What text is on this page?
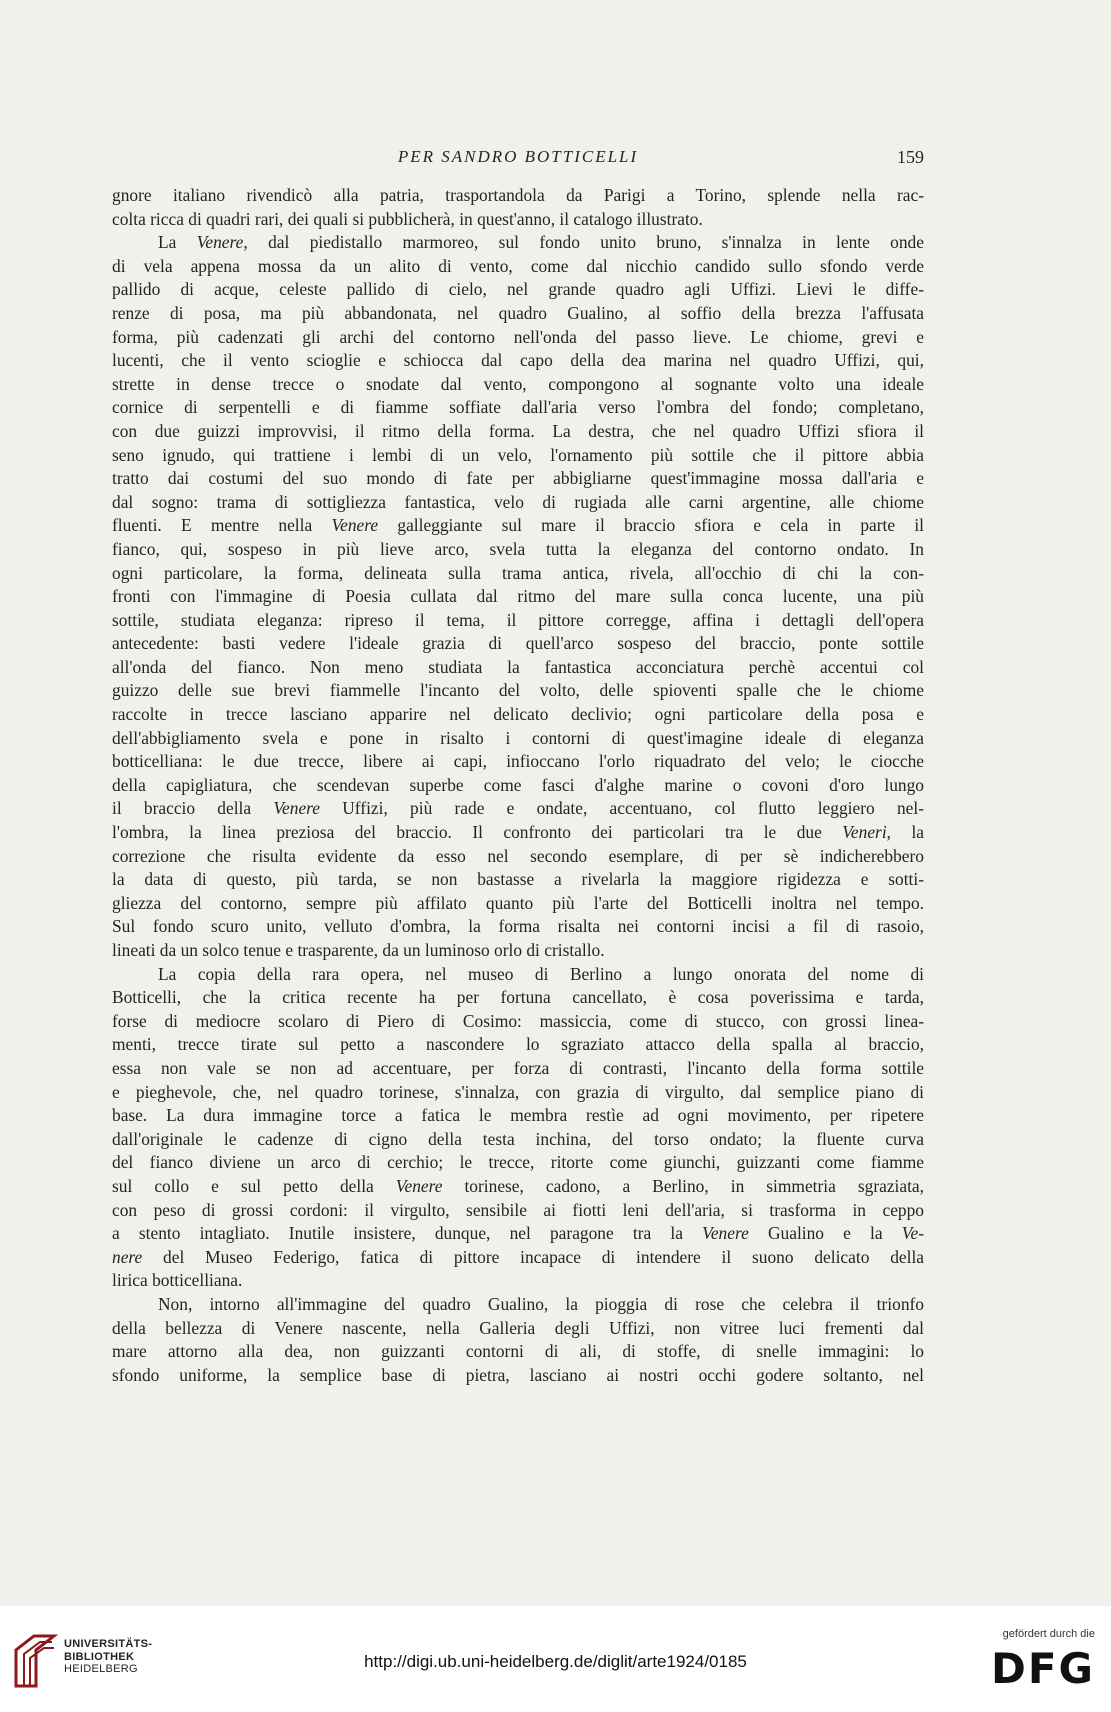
PER SANDRO BOTTICELLI	159
gnore italiano rivendicò alla patria, trasportandola da Parigi a Torino, splende nella rac-
colta ricca di quadri rari, dei quali si pubblicherà, in quest'anno, il catalogo illustrato.
La Venere, dal piedistallo marmoreo, sul fondo unito bruno, s'innalza in lente onde
di vela appena mossa da un alito di vento, come dal nicchio candido sullo sfondo verde
pallido di acque, celeste pallido di cielo, nel grande quadro agli Uffizi. Lievi le diffe-
renze di posa, ma più abbandonata, nel quadro Gualino, al soffio della brezza l'affusata
forma, più cadenzati gli archi del contorno nell'onda del passo lieve. Le chiome, grevi e
lucenti, che il vento scioglie e schiocca dal capo della dea marina nel quadro Uffizi, qui,
strette in dense trecce o snodate dal vento, compongono al sognante volto una ideale
cornice di serpentelli e di fiamme soffiate dall'aria verso l'ombra del fondo; completano,
con due guizzi improvvisi, il ritmo della forma. La destra, che nel quadro Uffizi sfiora il
seno ignudo, qui trattiene i lembi di un velo, l'ornamento più sottile che il pittore abbia
tratto dai costumi del suo mondo di fate per abbigliarne quest'immagine mossa dall'aria e
dal sogno: trama di sottigliezza fantastica, velo di rugiada alle carni argentine, alle chiome
fluenti. E mentre nella Venere galleggiante sul mare il braccio sfiora e cela in parte il
fianco, qui, sospeso in più lieve arco, svela tutta la eleganza del contorno ondato. In
ogni particolare, la forma, delineata sulla trama antica, rivela, all'occhio di chi la con-
fronti con l'immagine di Poesia cullata dal ritmo del mare sulla conca lucente, una più
sottile, studiata eleganza: ripreso il tema, il pittore corregge, affina i dettagli dell'opera
antecedente: basti vedere l'ideale grazia di quell'arco sospeso del braccio, ponte sottile
all'onda del fianco. Non meno studiata la fantastica acconciatura perchè accentui col
guizzo delle sue brevi fiammelle l'incanto del volto, delle spioventi spalle che le chiome
raccolte in trecce lasciano apparire nel delicato declivio; ogni particolare della posa e
dell'abbigliamento svela e pone in risalto i contorni di quest'imagine ideale di eleganza
botticelliana: le due trecce, libere ai capi, infioccano l'orlo riquadrato del velo; le ciocche
della capigliatura, che scendevan superbe come fasci d'alghe marine o covoni d'oro lungo
il braccio della Venere Uffizi, più rade e ondate, accentuano, col flutto leggiero nel-
l'ombra, la linea preziosa del braccio. Il confronto dei particolari tra le due Veneri, la
correzione che risulta evidente da esso nel secondo esemplare, di per sè indicherebbero
la data di questo, più tarda, se non bastasse a rivelarla la maggiore rigidezza e sotti-
gliezza del contorno, sempre più affilato quanto più l'arte del Botticelli inoltra nel tempo.
Sul fondo scuro unito, velluto d'ombra, la forma risalta nei contorni incisi a fil di rasoio,
lineati da un solco tenue e trasparente, da un luminoso orlo di cristallo.
La copia della rara opera, nel museo di Berlino a lungo onorata del nome di
Botticelli, che la critica recente ha per fortuna cancellato, è cosa poverissima e tarda,
forse di mediocre scolaro di Piero di Cosimo: massiccia, come di stucco, con grossi linea-
menti, trecce tirate sul petto a nascondere lo sgraziato attacco della spalla al braccio,
essa non vale se non ad accentuare, per forza di contrasti, l'incanto della forma sottile
e pieghevole, che, nel quadro torinese, s'innalza, con grazia di virgulto, dal semplice piano di
base. La dura immagine torce a fatica le membra restìe ad ogni movimento, per ripetere
dall'originale le cadenze di cigno della testa inchina, del torso ondato; la fluente curva
del fianco diviene un arco di cerchio; le trecce, ritorte come giunchi, guizzanti come fiamme
sul collo e sul petto della Venere torinese, cadono, a Berlino, in simmetria sgraziata,
con peso di grossi cordoni: il virgulto, sensibile ai fiotti leni dell'aria, si trasforma in ceppo
a stento intagliato. Inutile insistere, dunque, nel paragone tra la Venere Gualino e la Ve-
nere del Museo Federigo, fatica di pittore incapace di intendere il suono delicato della
lirica botticelliana.
Non, intorno all'immagine del quadro Gualino, la pioggia di rose che celebra il trionfo
della bellezza di Venere nascente, nella Galleria degli Uffizi, non vitree luci frementi dal
mare attorno alla dea, non guizzanti contorni di ali, di stoffe, di snelle immagini: lo
sfondo uniforme, la semplice base di pietra, lasciano ai nostri occhi godere soltanto, nel
UNIVERSITÄTS-
BIBLIOTHEK
HEIDELBERG	http://digi.ub.uni-heidelberg.de/diglit/arte1924/0185
gefördert durch die
DFG
